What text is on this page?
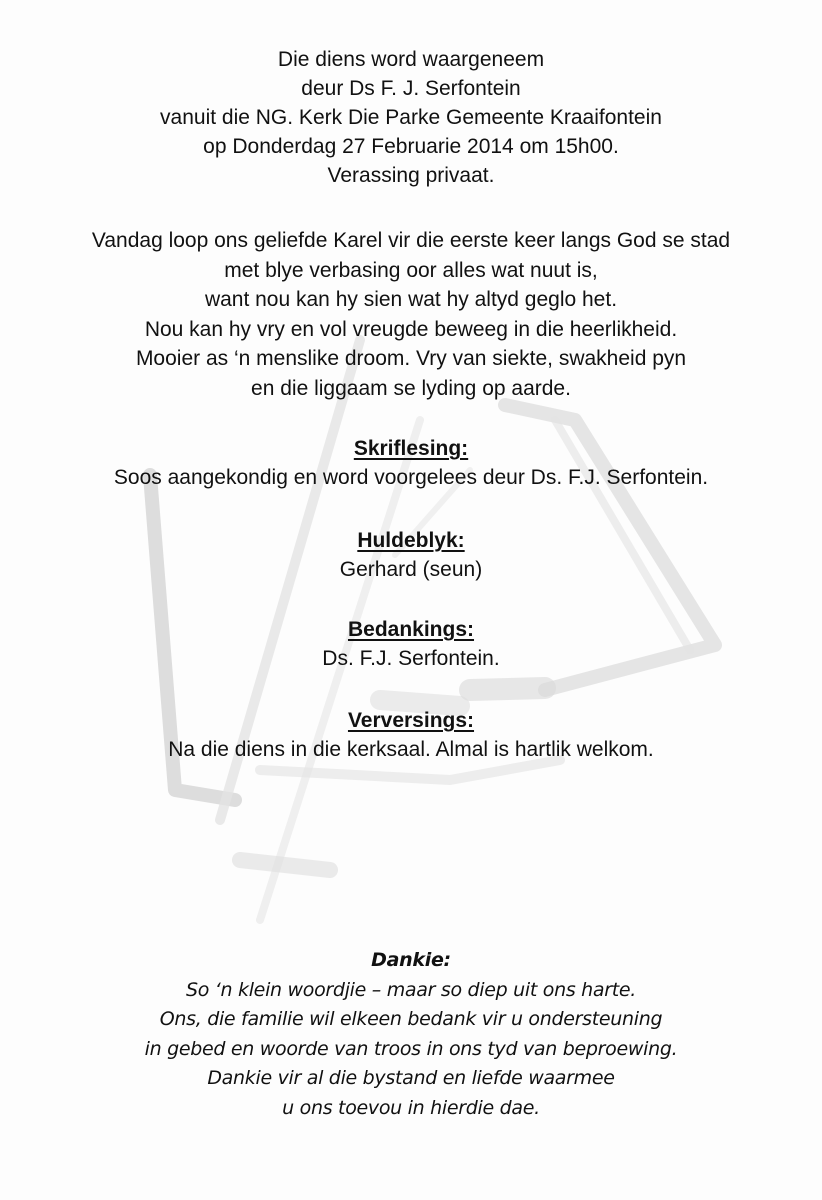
Die diens word waargeneem
deur Ds F. J. Serfontein
vanuit die NG. Kerk Die Parke Gemeente Kraaifontein
op Donderdag 27 Februarie 2014 om 15h00.
Verassing privaat.
Vandag loop ons geliefde Karel vir die eerste keer langs God se stad
met blye verbasing oor alles wat nuut is,
want nou kan hy sien wat hy altyd geglo het.
Nou kan hy vry en vol vreugde beweeg in die heerlikheid.
Mooier as ‘n menslike droom. Vry van siekte, swakheid pyn
en die liggaam se lyding op aarde.
Skriflesing:
Soos aangekondig en word voorgelees deur Ds. F.J. Serfontein.
Huldeblyk:
Gerhard (seun)
Bedankings:
Ds. F.J. Serfontein.
Verversings:
Na die diens in die kerksaal. Almal is hartlik welkom.
Dankie:
So ‘n klein woordjie – maar so diep uit ons harte.
Ons, die familie wil elkeen bedank vir u ondersteuning
in gebed en woorde van troos in ons tyd van beproewing.
Dankie vir al die bystand en liefde waarmee
u ons toevou in hierdie dae.
